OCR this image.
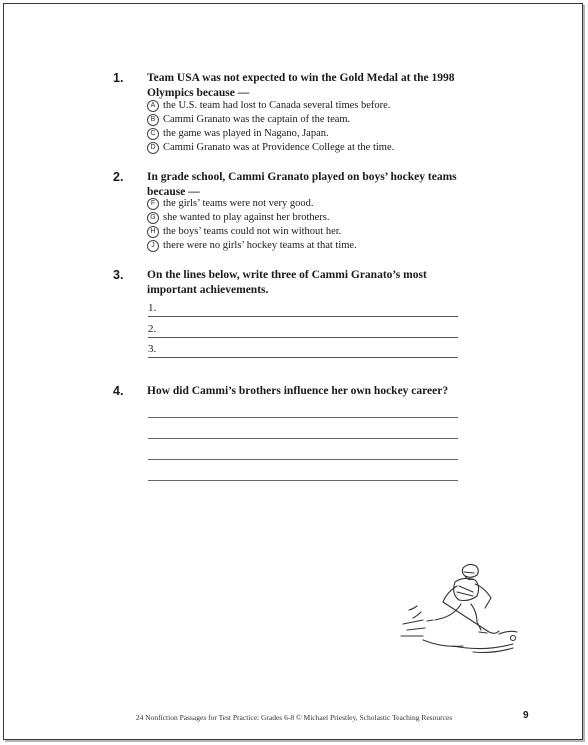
1. Team USA was not expected to win the Gold Medal at the 1998 Olympics because —
A the U.S. team had lost to Canada several times before.
B Cammi Granato was the captain of the team.
C the game was played in Nagano, Japan.
D Cammi Granato was at Providence College at the time.
2. In grade school, Cammi Granato played on boys’ hockey teams because —
F the girls’ teams were not very good.
G she wanted to play against her brothers.
H the boys’ teams could not win without her.
J there were no girls’ hockey teams at that time.
3. On the lines below, write three of Cammi Granato’s most important achievements.
1.
2.
3.
4. How did Cammi’s brothers influence her own hockey career?
24 Nonfiction Passages for Test Practice: Grades 6-8 © Michael Priestley, Scholastic Teaching Resources	9
